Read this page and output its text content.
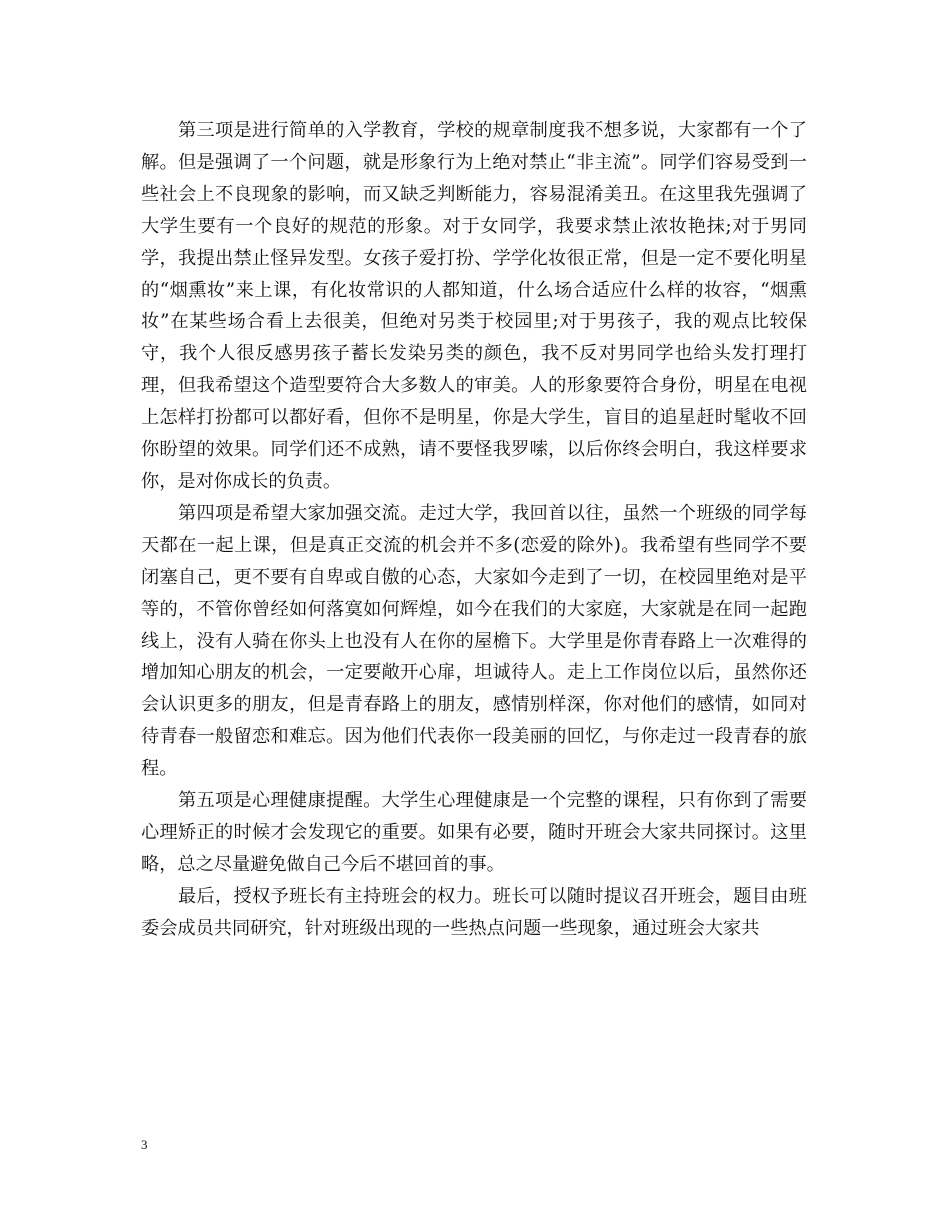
第三项是进行简单的入学教育，学校的规章制度我不想多说，大家都有一个了解。但是强调了一个问题，就是形象行为上绝对禁止“非主流”。同学们容易受到一些社会上不良现象的影响，而又缺乏判断能力，容易混淆美丑。在这里我先强调了大学生要有一个良好的规范的形象。对于女同学，我要求禁止浓妆艳抹;对于男同学，我提出禁止怪异发型。女孩子爱打扮、学学化妆很正常，但是一定不要化明星的“烟熏妆”来上课，有化妆常识的人都知道，什么场合适应什么样的妆容，“烟熏妆”在某些场合看上去很美，但绝对另类于校园里;对于男孩子，我的观点比较保守，我个人很反感男孩子蓄长发染另类的颜色，我不反对男同学也给头发打理打理，但我希望这个造型要符合大多数人的审美。人的形象要符合身份，明星在电视上怎样打扮都可以都好看，但你不是明星，你是大学生，盲目的追星赶时髦收不回你盼望的效果。同学们还不成熟，请不要怪我罗嗦，以后你终会明白，我这样要求你，是对你成长的负责。

第四项是希望大家加强交流。走过大学，我回首以往，虽然一个班级的同学每天都在一起上课，但是真正交流的机会并不多(恋爱的除外)。我希望有些同学不要闭塞自己，更不要有自卑或自傲的心态，大家如今走到了一切，在校园里绝对是平等的，不管你曾经如何落寞如何辉煌，如今在我们的大家庭，大家就是在同一起跑线上，没有人骑在你头上也没有人在你的屋檐下。大学里是你青春路上一次难得的增加知心朋友的机会，一定要敞开心扉，坦诚待人。走上工作岗位以后，虽然你还会认识更多的朋友，但是青春路上的朋友，感情别样深，你对他们的感情，如同对待青春一般留恋和难忘。因为他们代表你一段美丽的回忆，与你走过一段青春的旅程。

第五项是心理健康提醒。大学生心理健康是一个完整的课程，只有你到了需要心理矫正的时候才会发现它的重要。如果有必要，随时开班会大家共同探讨。这里略，总之尽量避免做自己今后不堪回首的事。

最后，授权予班长有主持班会的权力。班长可以随时提议召开班会，题目由班委会成员共同研究，针对班级出现的一些热点问题一些现象，通过班会大家共

3
